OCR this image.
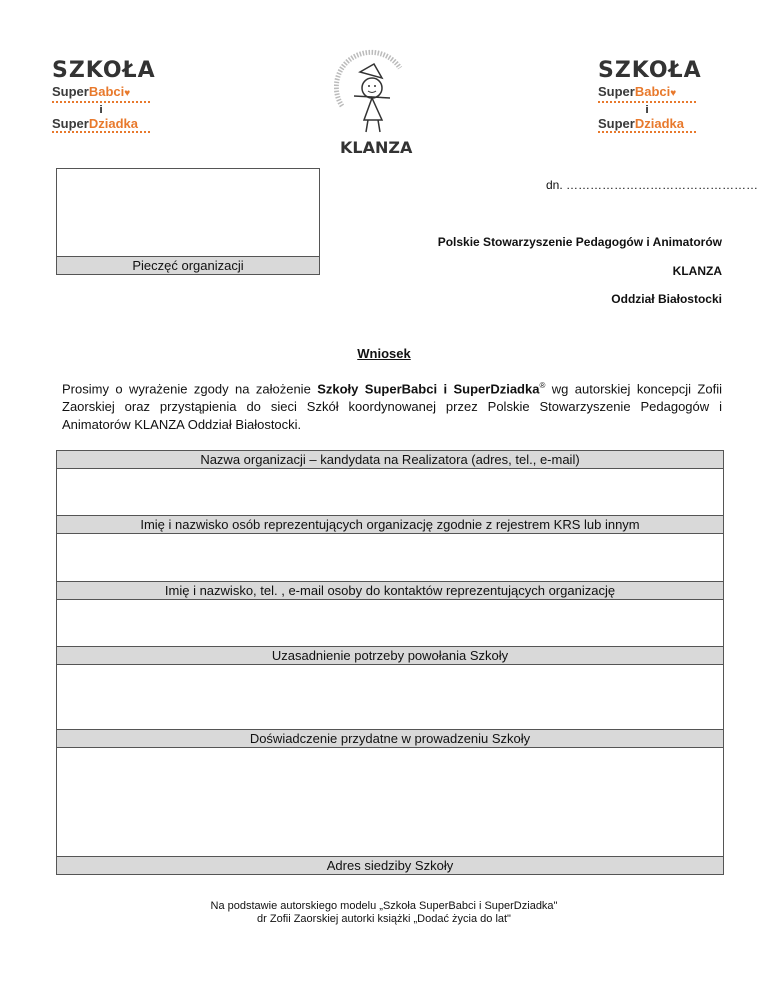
SZKOŁA
SuperBabci♥
i
SuperDziadka
KLANZA
SZKOŁA
SuperBabci♥
i
SuperDziadka
dn. …………………………………………
Pieczęć organizacji
Polskie Stowarzyszenie Pedagogów i Animatorów
KLANZA
Oddział Białostocki
Wniosek
Prosimy o wyrażenie zgody na założenie Szkoły SuperBabci i SuperDziadka® wg autorskiej koncepcji Zofii Zaorskiej oraz przystąpienia do sieci Szkół koordynowanej przez Polskie Stowarzyszenie Pedagogów i Animatorów KLANZA Oddział Białostocki.
Nazwa organizacji – kandydata na Realizatora (adres, tel., e-mail)
Imię i nazwisko osób reprezentujących organizację zgodnie z rejestrem KRS lub innym
Imię i nazwisko, tel. , e-mail osoby do kontaktów reprezentujących organizację
Uzasadnienie potrzeby powołania Szkoły
Doświadczenie przydatne w prowadzeniu Szkoły
Adres siedziby Szkoły
Na podstawie autorskiego modelu „Szkoła SuperBabci i SuperDziadka"
dr Zofii Zaorskiej autorki książki „Dodać życia do lat"
